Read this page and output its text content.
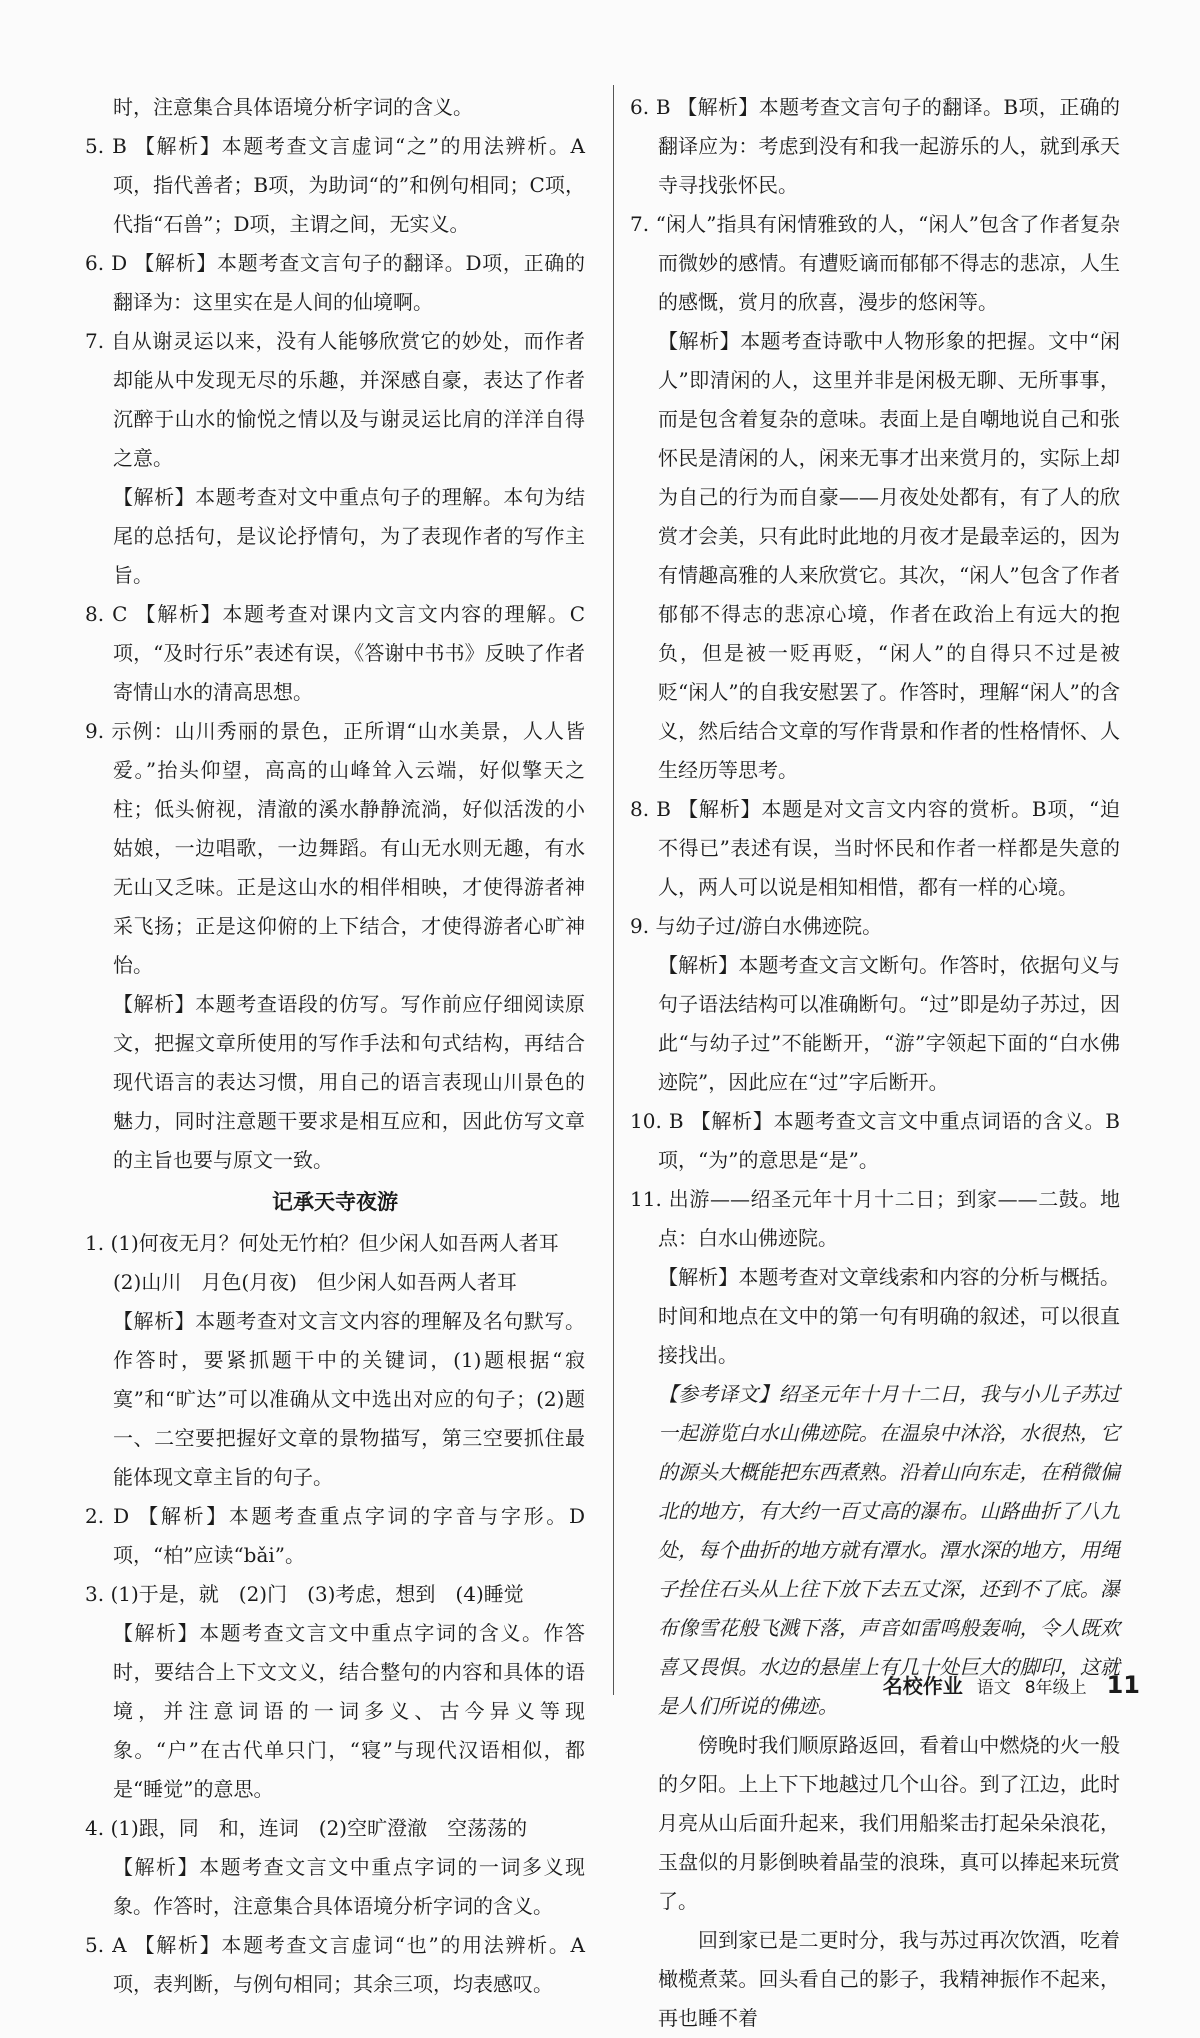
时，注意集合具体语境分析字词的含义。

5. B 【解析】本题考查文言虚词“之”的用法辨析。A项，指代善者；B项，为助词“的”和例句相同；C项，代指“石兽”；D项，主谓之间，无实义。

6. D 【解析】本题考查文言句子的翻译。D项，正确的翻译为：这里实在是人间的仙境啊。

7. 自从谢灵运以来，没有人能够欣赏它的妙处，而作者却能从中发现无尽的乐趣，并深感自豪，表达了作者沉醉于山水的愉悦之情以及与谢灵运比肩的洋洋自得之意。

【解析】本题考查对文中重点句子的理解。本句为结尾的总括句，是议论抒情句，为了表现作者的写作主旨。

8. C 【解析】本题考查对课内文言文内容的理解。C项，“及时行乐”表述有误，《答谢中书书》反映了作者寄情山水的清高思想。

9. 示例：山川秀丽的景色，正所谓“山水美景，人人皆爱。”抬头仰望，高高的山峰耸入云端，好似擎天之柱；低头俯视，清澈的溪水静静流淌，好似活泼的小姑娘，一边唱歌，一边舞蹈。有山无水则无趣，有水无山又乏味。正是这山水的相伴相映，才使得游者神采飞扬；正是这仰俯的上下结合，才使得游者心旷神怡。

【解析】本题考查语段的仿写。写作前应仔细阅读原文，把握文章所使用的写作手法和句式结构，再结合现代语言的表达习惯，用自己的语言表现山川景色的魅力，同时注意题干要求是相互应和，因此仿写文章的主旨也要与原文一致。

记承天寺夜游

1. (1)何夜无月？何处无竹柏？但少闲人如吾两人者耳

(2)山川　月色(月夜)　但少闲人如吾两人者耳

【解析】本题考查对文言文内容的理解及名句默写。作答时，要紧抓题干中的关键词，(1)题根据“寂寞”和“旷达”可以准确从文中选出对应的句子；(2)题一、二空要把握好文章的景物描写，第三空要抓住最能体现文章主旨的句子。

2. D 【解析】本题考查重点字词的字音与字形。D项，“柏”应读“bǎi”。

3. (1)于是，就　(2)门　(3)考虑，想到　(4)睡觉

【解析】本题考查文言文中重点字词的含义。作答时，要结合上下文文义，结合整句的内容和具体的语境，并注意词语的一词多义、古今异义等现象。“户”在古代单只门，“寝”与现代汉语相似，都是“睡觉”的意思。

4. (1)跟，同　和，连词　(2)空旷澄澈　空荡荡的

【解析】本题考查文言文中重点字词的一词多义现象。作答时，注意集合具体语境分析字词的含义。

5. A 【解析】本题考查文言虚词“也”的用法辨析。A项，表判断，与例句相同；其余三项，均表感叹。

6. B 【解析】本题考查文言句子的翻译。B项，正确的翻译应为：考虑到没有和我一起游乐的人，就到承天寺寻找张怀民。

7. “闲人”指具有闲情雅致的人，“闲人”包含了作者复杂而微妙的感情。有遭贬谪而郁郁不得志的悲凉，人生的感慨，赏月的欣喜，漫步的悠闲等。

【解析】本题考查诗歌中人物形象的把握。文中“闲人”即清闲的人，这里并非是闲极无聊、无所事事，而是包含着复杂的意味。表面上是自嘲地说自己和张怀民是清闲的人，闲来无事才出来赏月的，实际上却为自己的行为而自豪——月夜处处都有，有了人的欣赏才会美，只有此时此地的月夜才是最幸运的，因为有情趣高雅的人来欣赏它。其次，“闲人”包含了作者郁郁不得志的悲凉心境，作者在政治上有远大的抱负，但是被一贬再贬，“闲人”的自得只不过是被贬“闲人”的自我安慰罢了。作答时，理解“闲人”的含义，然后结合文章的写作背景和作者的性格情怀、人生经历等思考。

8. B 【解析】本题是对文言文内容的赏析。B项，“迫不得已”表述有误，当时怀民和作者一样都是失意的人，两人可以说是相知相惜，都有一样的心境。

9. 与幼子过/游白水佛迹院。

【解析】本题考查文言文断句。作答时，依据句义与句子语法结构可以准确断句。“过”即是幼子苏过，因此“与幼子过”不能断开，“游”字领起下面的“白水佛迹院”，因此应在“过”字后断开。

10. B 【解析】本题考查文言文中重点词语的含义。B项，“为”的意思是“是”。

11. 出游——绍圣元年十月十二日；到家——二鼓。地点：白水山佛迹院。

【解析】本题考查对文章线索和内容的分析与概括。时间和地点在文中的第一句有明确的叙述，可以很直接找出。

【参考译文】绍圣元年十月十二日，我与小儿子苏过一起游览白水山佛迹院。在温泉中沐浴，水很热，它的源头大概能把东西煮熟。沿着山向东走，在稍微偏北的地方，有大约一百丈高的瀑布。山路曲折了八九处，每个曲折的地方就有潭水。潭水深的地方，用绳子拴住石头从上往下放下去五丈深，还到不了底。瀑布像雪花般飞溅下落，声音如雷鸣般轰响，令人既欢喜又畏惧。水边的悬崖上有几十处巨大的脚印，这就是人们所说的佛迹。

傍晚时我们顺原路返回，看着山中燃烧的火一般的夕阳。上上下下地越过几个山谷。到了江边，此时月亮从山后面升起来，我们用船桨击打起朵朵浪花，玉盘似的月影倒映着晶莹的浪珠，真可以捧起来玩赏了。

回到家已是二更时分，我与苏过再次饮酒，吃着橄榄煮菜。回头看自己的影子，我精神振作不起来，再也睡不着

名校作业 语文 8年级上 11
